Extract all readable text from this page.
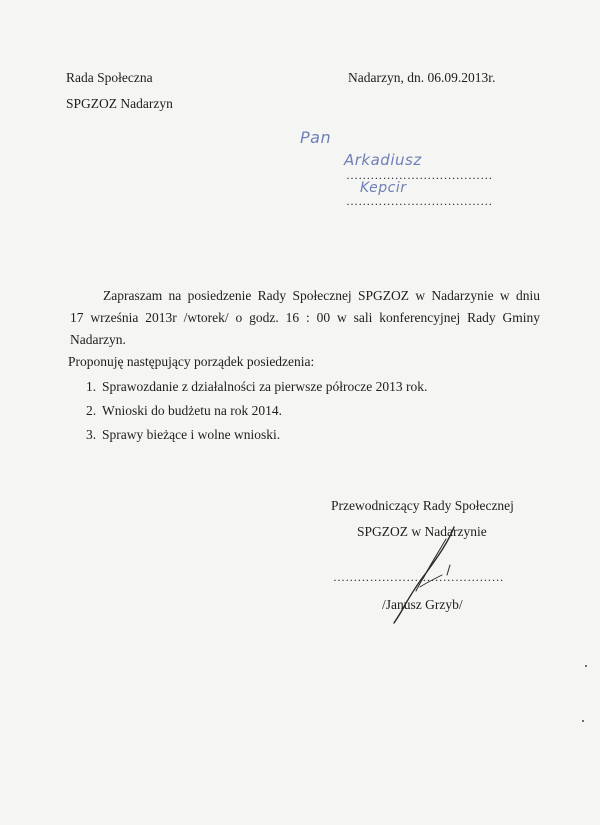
Rada Społeczna
SPGZOZ Nadarzyn
Nadarzyn, dn. 06.09.2013r.
Pan
Arkadiusz
………………………………
Kepcir
………………………………

Zapraszam na posiedzenie Rady Społecznej SPGZOZ w Nadarzynie w dniu

17 września 2013r /wtorek/ o godz. 16 : 00 w sali konferencyjnej Rady Gminy

Nadarzyn.

Proponuję następujący porządek posiedzenia:
1. Sprawozdanie z działalności za pierwsze półrocze 2013 rok.
2. Wnioski do budżetu na rok 2014.
3. Sprawy bieżące i wolne wnioski.
Przewodniczący Rady Społecznej
SPGZOZ w Nadarzynie
……………………………………
/Janusz Grzyb/
